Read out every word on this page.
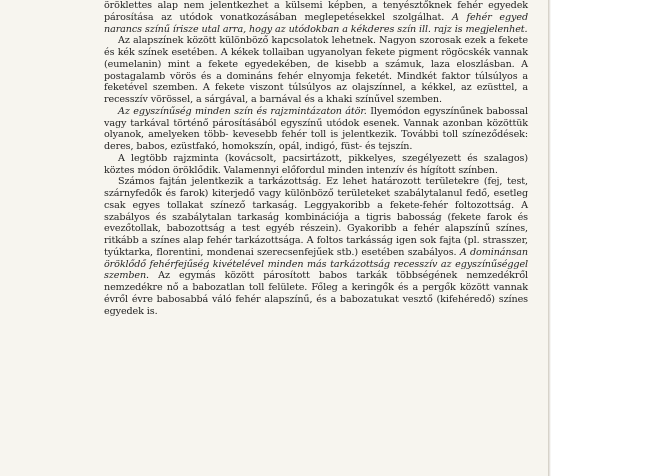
öröklettes alap nem jelentkezhet a külsemi képben, a tenyésztőknek fehér egyedek párosítása az utódok vonatkozásában meglepetésekkel szolgálhat. A fehér egyed narancs színű írisze utal arra, hogy az utódokban a kékderes szín ill. rajz is megjelenhet.

Az alapszínek között különböző kapcsolatok lehetnek. Nagyon szorosak ezek a fekete és kék színek esetében. A kékek tollaiban ugyanolyan fekete pigment rögöcskék vannak (eumelanin) mint a fekete egyedekében, de kisebb a számuk, laza eloszlásban. A postagalamb vörös és a domináns fehér elnyomja feketét. Mindkét faktor túlsúlyos a feketével szemben. A fekete viszont túlsúlyos az olajszínnel, a kékkel, az ezüsttel, a recesszív vörössel, a sárgával, a barnával és a khaki színűvel szemben.

Az egyszínűség minden szín és rajzmintázaton átör. Ilyemódon egyszínűnek babossal vagy tarkával történő párosításából egyszínű utódok esenek. Vannak azonban közöttük olyanok, amelyeken több- kevesebb fehér toll is jelentkezik. További toll színeződések: deres, babos, ezüstfakó, homokszín, opál, indigó, füst- és tejszín.

A legtöbb rajzminta (kovácsolt, pacsirtázott, pikkelyes, szegélyezett és szalagos) köztes módon öröklődik. Valamennyi előfordul minden intenzív és hígított színben.

Számos fajtán jelentkezik a tarkázottság. Ez lehet határozott területekre (fej, test, szárnyfedők és farok) kiterjedő vagy különböző területeket szabálytalanul fedő, esetleg csak egyes tollakat színező tarkaság. Leggyakoribb a fekete-fehér foltozottság. A szabályos és szabálytalan tarkaság kombinációja a tigris babosság (fekete farok és evezőtollak, babozottság a test egyéb részein). Gyakoribb a fehér alapszínű színes, ritkább a színes alap fehér tarkázottsága. A foltos tarkásság igen sok fajta (pl. strasszer, tyúktarka, florentini, mondenai szerecsenfejűek stb.) esetében szabályos. A dominánsan öröklődő fehérfejűség kivételével minden más tarkázottság recesszív az egyszínűséggel szemben. Az egymás között párosított babos tarkák többségének nemzedékről nemzedékre nő a babozatlan toll felülete. Főleg a keringők és a pergők között vannak évről évre babosabbá váló fehér alapszínű, és a babozatukat vesztő (kifehéredő) színes egyedek is.
